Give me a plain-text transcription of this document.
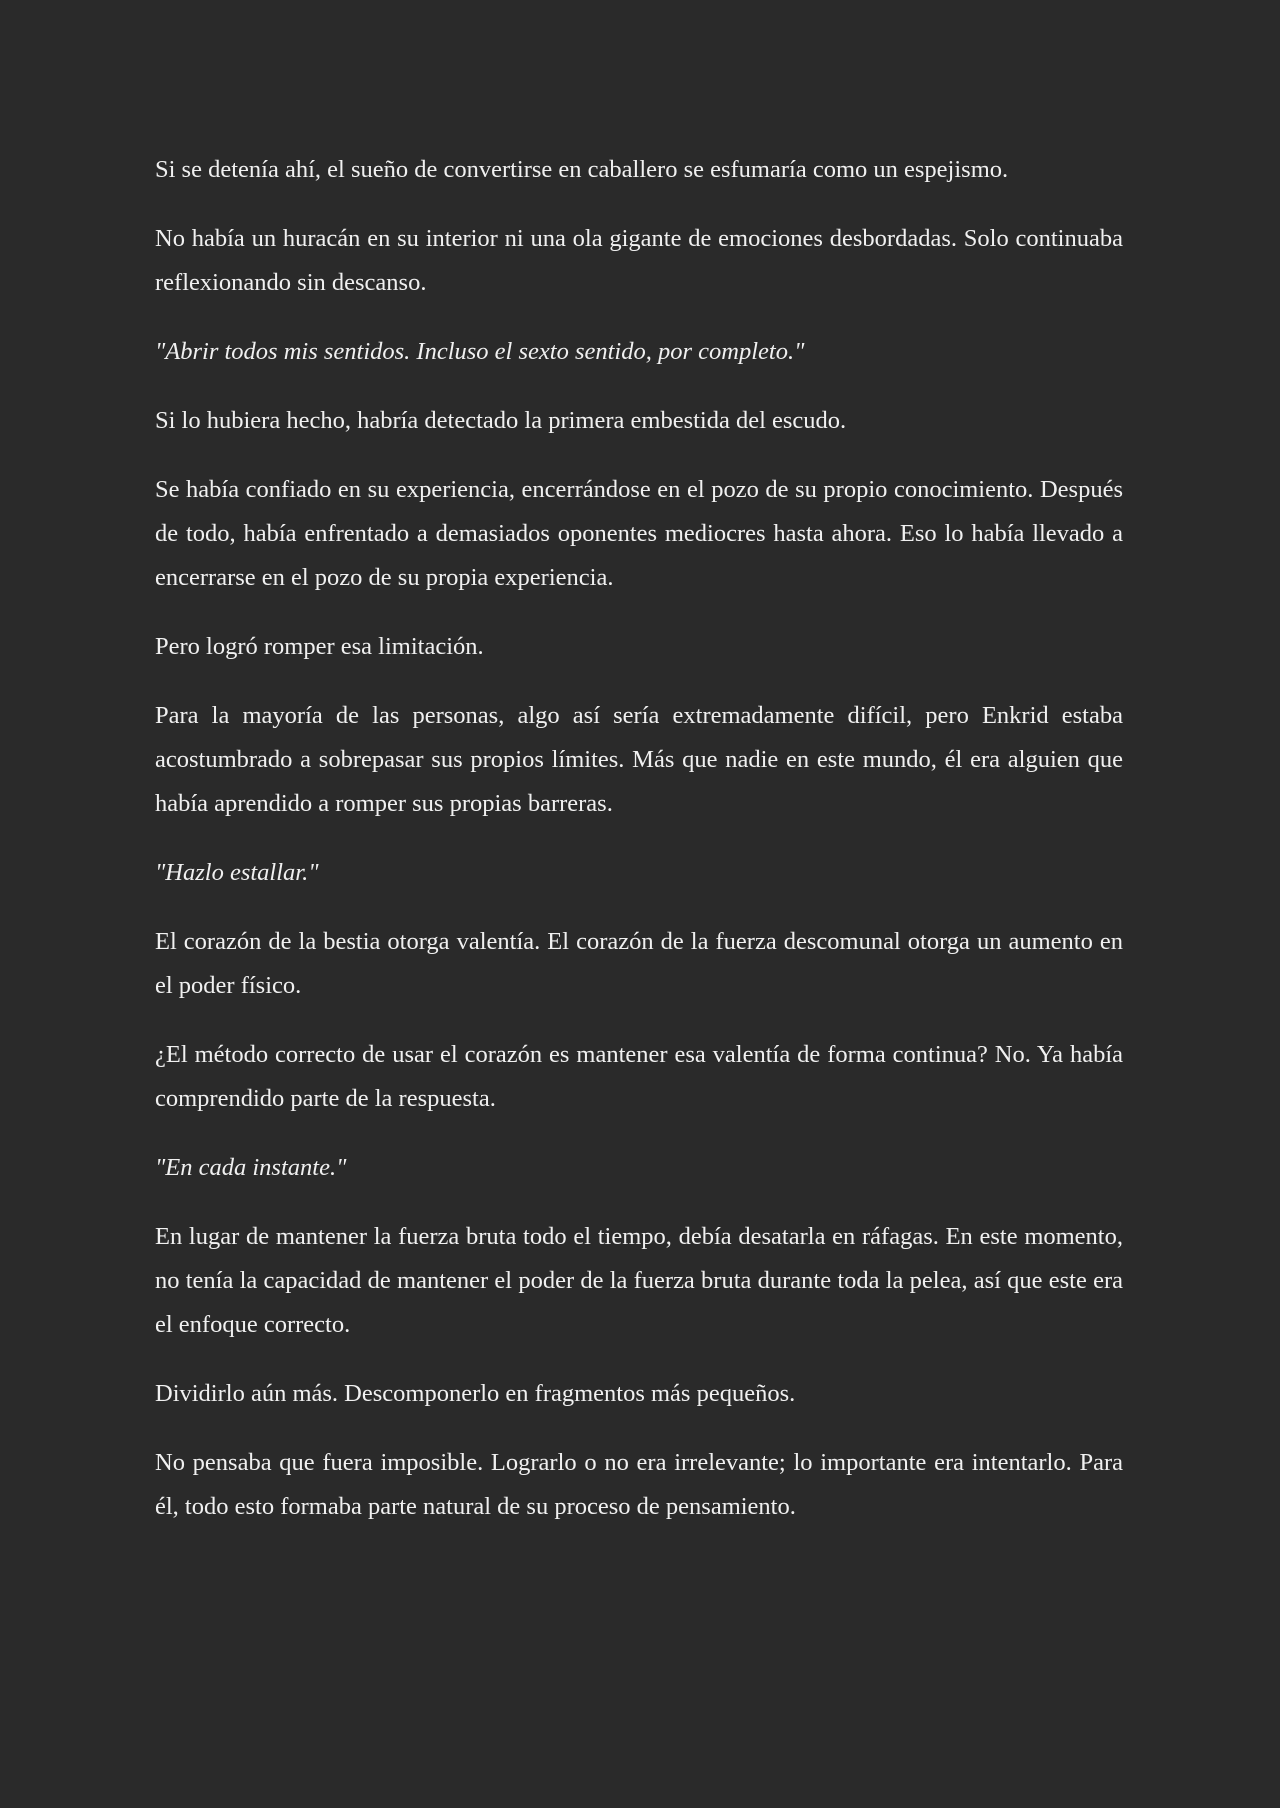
Si se detenía ahí, el sueño de convertirse en caballero se esfumaría como un espejismo.

No había un huracán en su interior ni una ola gigante de emociones desbordadas. Solo continuaba reflexionando sin descanso.

"Abrir todos mis sentidos. Incluso el sexto sentido, por completo."

Si lo hubiera hecho, habría detectado la primera embestida del escudo.

Se había confiado en su experiencia, encerrándose en el pozo de su propio conocimiento. Después de todo, había enfrentado a demasiados oponentes mediocres hasta ahora. Eso lo había llevado a encerrarse en el pozo de su propia experiencia.

Pero logró romper esa limitación.

Para la mayoría de las personas, algo así sería extremadamente difícil, pero Enkrid estaba acostumbrado a sobrepasar sus propios límites. Más que nadie en este mundo, él era alguien que había aprendido a romper sus propias barreras.

"Hazlo estallar."

El corazón de la bestia otorga valentía. El corazón de la fuerza descomunal otorga un aumento en el poder físico.

¿El método correcto de usar el corazón es mantener esa valentía de forma continua? No. Ya había comprendido parte de la respuesta.

"En cada instante."

En lugar de mantener la fuerza bruta todo el tiempo, debía desatarla en ráfagas. En este momento, no tenía la capacidad de mantener el poder de la fuerza bruta durante toda la pelea, así que este era el enfoque correcto.

Dividirlo aún más. Descomponerlo en fragmentos más pequeños.

No pensaba que fuera imposible. Lograrlo o no era irrelevante; lo importante era intentarlo. Para él, todo esto formaba parte natural de su proceso de pensamiento.
